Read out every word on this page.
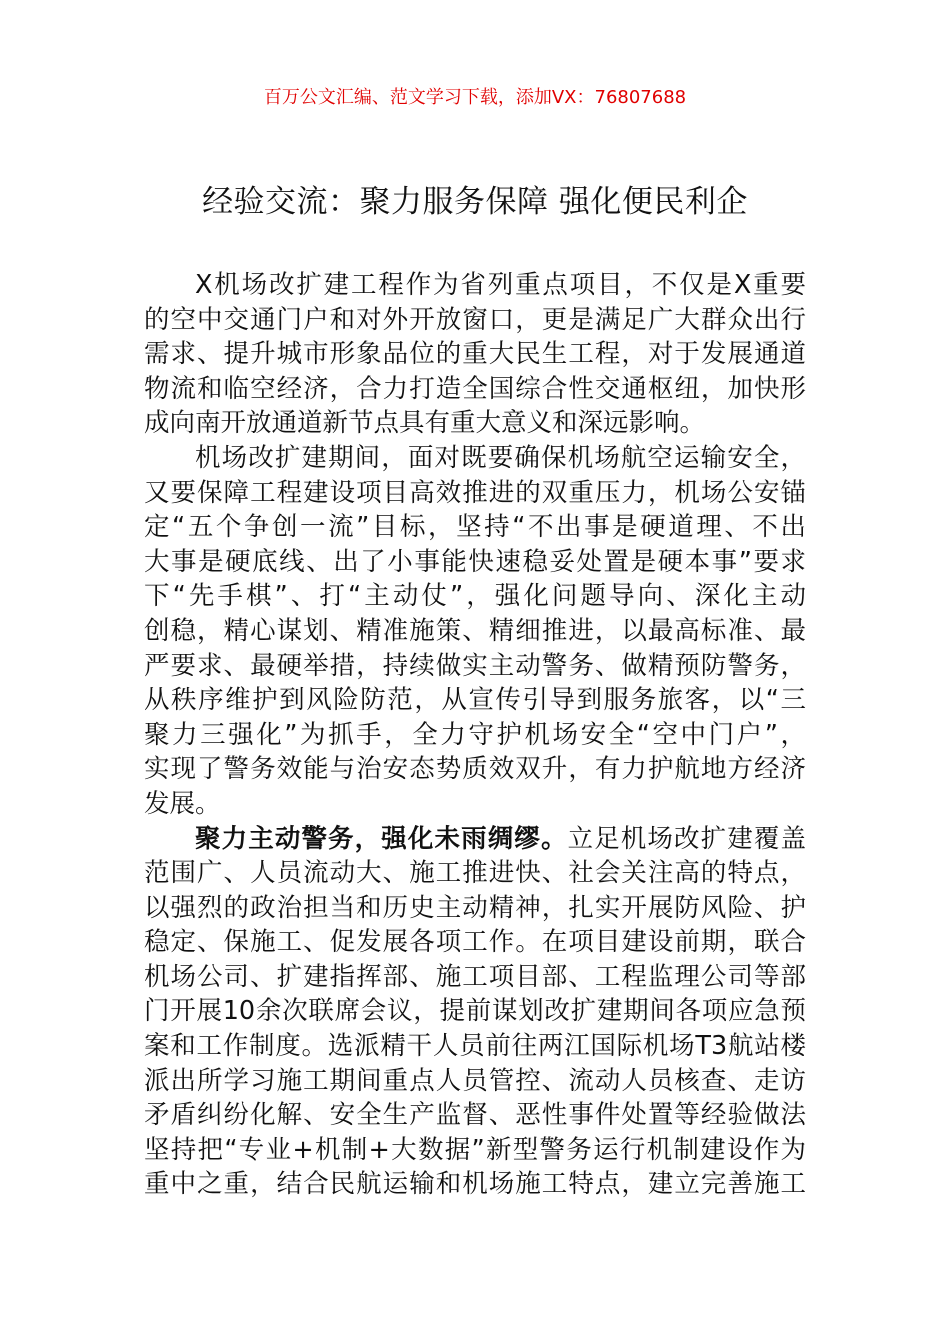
百万公文汇编、范文学习下载，添加VX：76807688
经验交流：聚力服务保障 强化便民利企
X机场改扩建工程作为省列重点项目，不仅是X重要
的空中交通门户和对外开放窗口，更是满足广大群众出行
需求、提升城市形象品位的重大民生工程，对于发展通道
物流和临空经济，合力打造全国综合性交通枢纽，加快形
成向南开放通道新节点具有重大意义和深远影响。
机场改扩建期间，面对既要确保机场航空运输安全，
又要保障工程建设项目高效推进的双重压力，机场公安锚
定“五个争创一流”目标，坚持“不出事是硬道理、不出
大事是硬底线、出了小事能快速稳妥处置是硬本事”要求
下“先手棋”、打“主动仗”，强化问题导向、深化主动
创稳，精心谋划、精准施策、精细推进，以最高标准、最
严要求、最硬举措，持续做实主动警务、做精预防警务，
从秩序维护到风险防范，从宣传引导到服务旅客，以“三
聚力三强化”为抓手，全力守护机场安全“空中门户”，
实现了警务效能与治安态势质效双升，有力护航地方经济
发展。
聚力主动警务，强化未雨绸缪。立足机场改扩建覆盖
范围广、人员流动大、施工推进快、社会关注高的特点，
以强烈的政治担当和历史主动精神，扎实开展防风险、护
稳定、保施工、促发展各项工作。在项目建设前期，联合
机场公司、扩建指挥部、施工项目部、工程监理公司等部
门开展10余次联席会议，提前谋划改扩建期间各项应急预
案和工作制度。选派精干人员前往两江国际机场T3航站楼
派出所学习施工期间重点人员管控、流动人员核查、走访
矛盾纠纷化解、安全生产监督、恶性事件处置等经验做法
坚持把“专业+机制+大数据”新型警务运行机制建设作为
重中之重，结合民航运输和机场施工特点，建立完善施工
